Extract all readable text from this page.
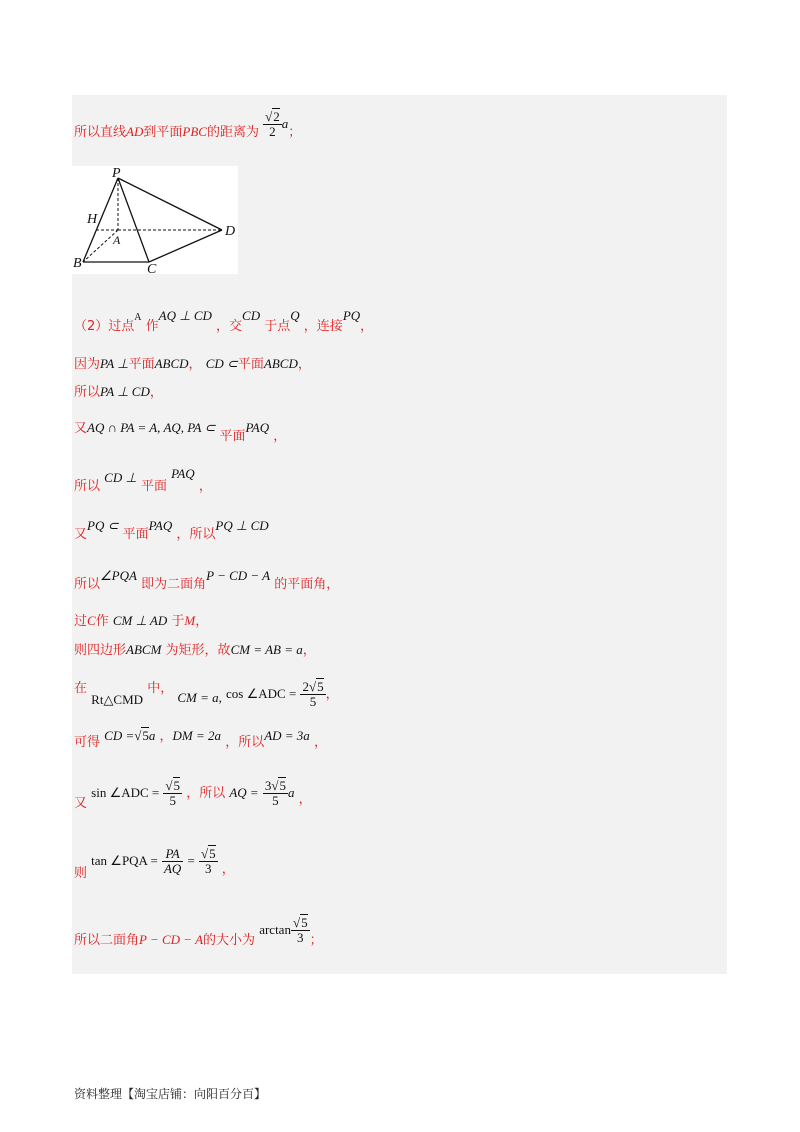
所以直线AD到平面PBC的距离为 $\frac{√2}{2}$ a；
P
H
A
D
B	C
（2）过点$^A$ 作AQ ⊥ CD ，交CD 于点Q ，连接PQ，
因为PA ⊥平面ABCD， CD ⊂平面ABCD，
所以PA ⊥ CD，
又AQ ∩ PA = A, AQ, PA ⊂ 平面PAQ ，
所以 CD ⊥ 平面 PAQ ，
又PQ ⊂ 平面PAQ ，所以PQ ⊥ CD
所以∠PQA 即为二面角P − CD − A 的平面角，
过C作 CM ⊥ AD 于M，
则四边形ABCM 为矩形，故CM = AB = a，
在 Rt△CMD 中， CM = a, cos ∠ADC = $\frac{2√5}{5}$ ，
可得 CD =√5a ，DM = 2a ，所以AD = 3a ，
又 sin ∠ADC = $\frac{√5}{5}$ ，所以 AQ = $\frac{3√5}{5}$ a ，
则 tan ∠PQA = $\frac{PA}{AQ} = \frac{√5}{3}$ ，
所以二面角P − CD − A的大小为 $\arctan \frac{√5}{3}$ ；
资料整理【淘宝店铺：向阳百分百】
